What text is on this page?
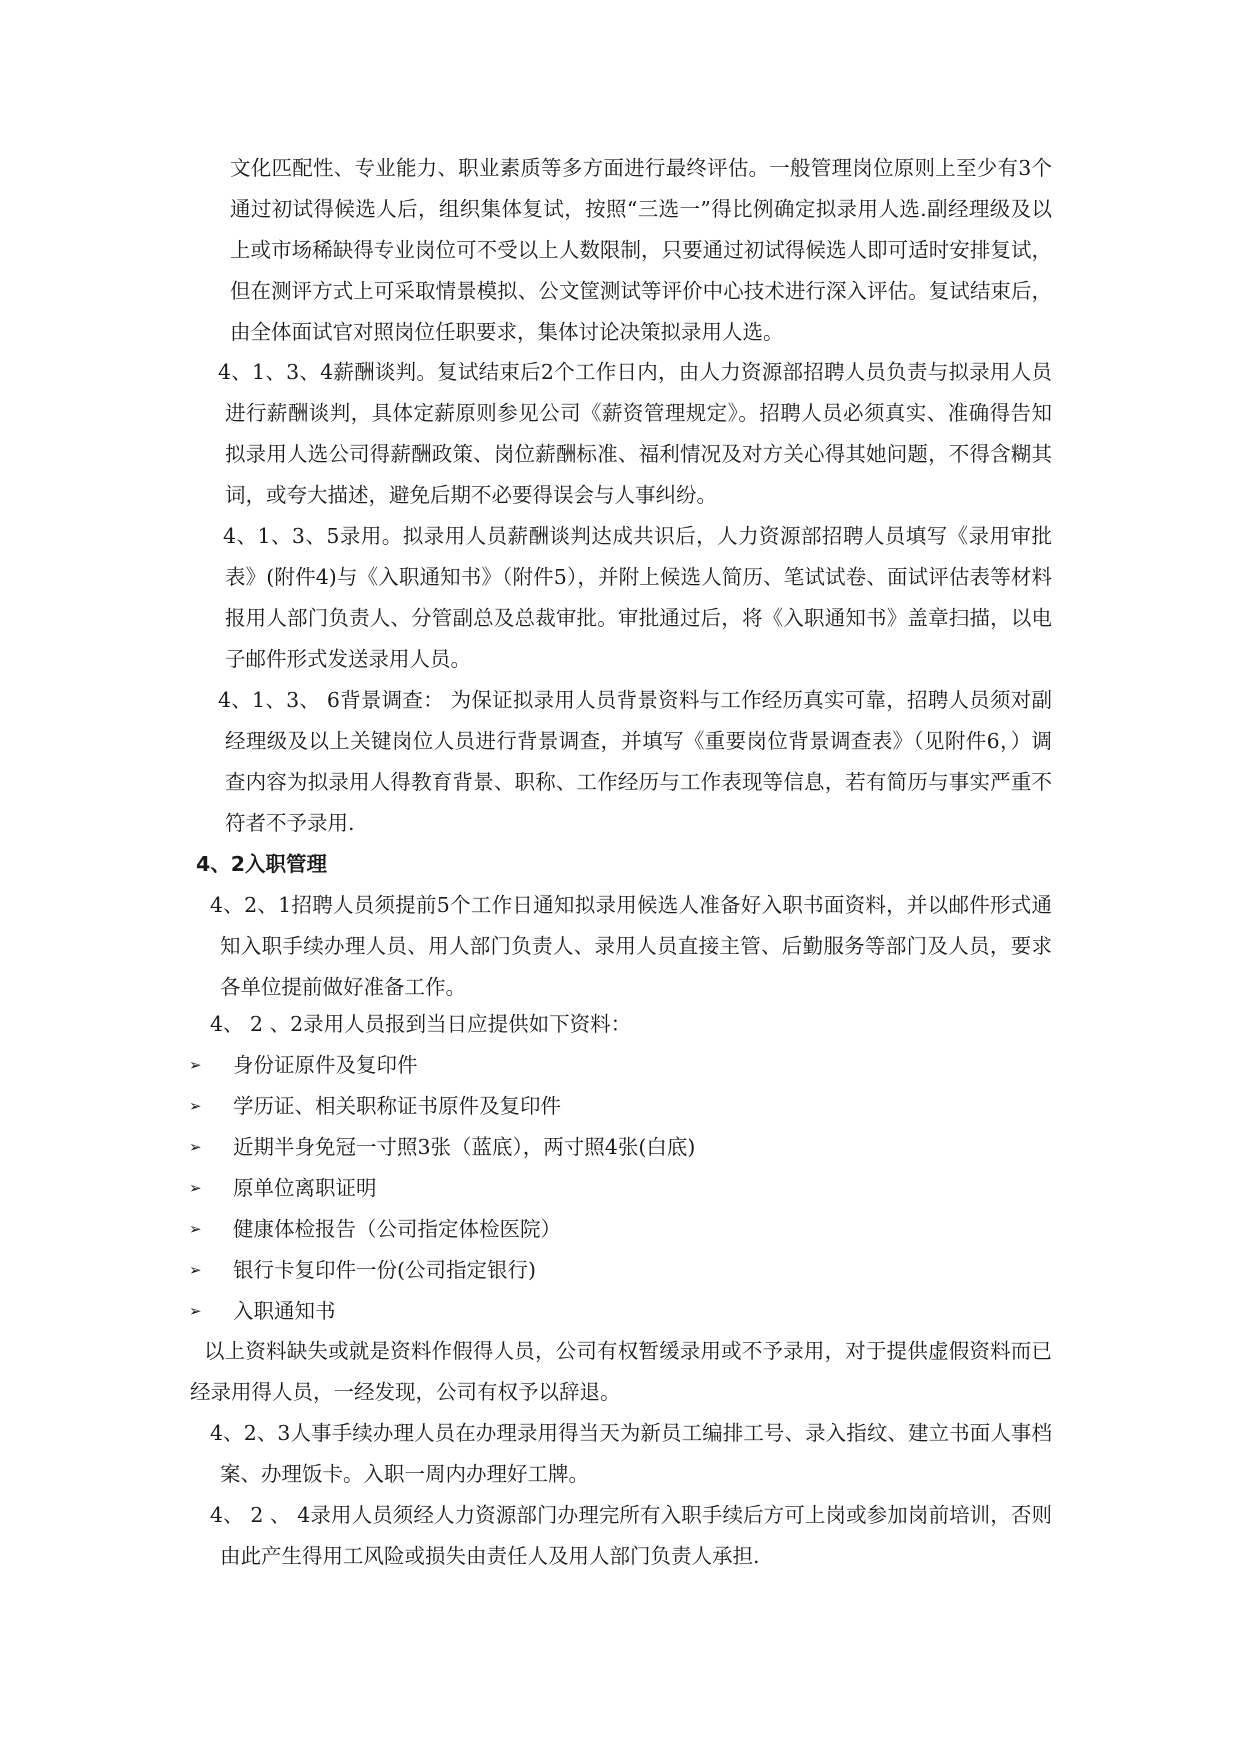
文化匹配性、专业能力、职业素质等多方面进行最终评估。一般管理岗位原则上至少有3个通过初试得候选人后，组织集体复试，按照“三选一”得比例确定拟录用人选.副经理级及以上或市场稀缺得专业岗位可不受以上人数限制，只要通过初试得候选人即可适时安排复试，但在测评方式上可采取情景模拟、公文筐测试等评价中心技术进行深入评估。复试结束后，由全体面试官对照岗位任职要求，集体讨论决策拟录用人选。

4、1、3、4薪酬谈判。复试结束后2个工作日内，由人力资源部招聘人员负责与拟录用人员进行薪酬谈判，具体定薪原则参见公司《薪资管理规定》。招聘人员必须真实、准确得告知拟录用人选公司得薪酬政策、岗位薪酬标准、福利情况及对方关心得其她问题，不得含糊其词，或夸大描述，避免后期不必要得误会与人事纠纷。

4、1、3、5录用。拟录用人员薪酬谈判达成共识后，人力资源部招聘人员填写《录用审批表》(附件4)与《入职通知书》（附件5），并附上候选人简历、笔试试卷、面试评估表等材料报用人部门负责人、分管副总及总裁审批。审批通过后，将《入职通知书》盖章扫描，以电子邮件形式发送录用人员。

4、1、3、 6背景调查： 为保证拟录用人员背景资料与工作经历真实可靠，招聘人员须对副经理级及以上关键岗位人员进行背景调查，并填写《重要岗位背景调查表》（见附件6，）调查内容为拟录用人得教育背景、职称、工作经历与工作表现等信息，若有简历与事实严重不符者不予录用.

4、2入职管理

4、2、1招聘人员须提前5个工作日通知拟录用候选人准备好入职书面资料，并以邮件形式通知入职手续办理人员、用人部门负责人、录用人员直接主管、后勤服务等部门及人员，要求各单位提前做好准备工作。

4、 2 、2录用人员报到当日应提供如下资料：

➢	身份证原件及复印件
➢	学历证、相关职称证书原件及复印件
➢	近期半身免冠一寸照3张（蓝底），两寸照4张(白底)
➢	原单位离职证明
➢	健康体检报告（公司指定体检医院）
➢	银行卡复印件一份(公司指定银行)
➢	入职通知书

以上资料缺失或就是资料作假得人员，公司有权暂缓录用或不予录用，对于提供虚假资料而已经录用得人员，一经发现，公司有权予以辞退。

4、2、3人事手续办理人员在办理录用得当天为新员工编排工号、录入指纹、建立书面人事档案、办理饭卡。入职一周内办理好工牌。

4、 2 、 4录用人员须经人力资源部门办理完所有入职手续后方可上岗或参加岗前培训，否则由此产生得用工风险或损失由责任人及用人部门负责人承担.
